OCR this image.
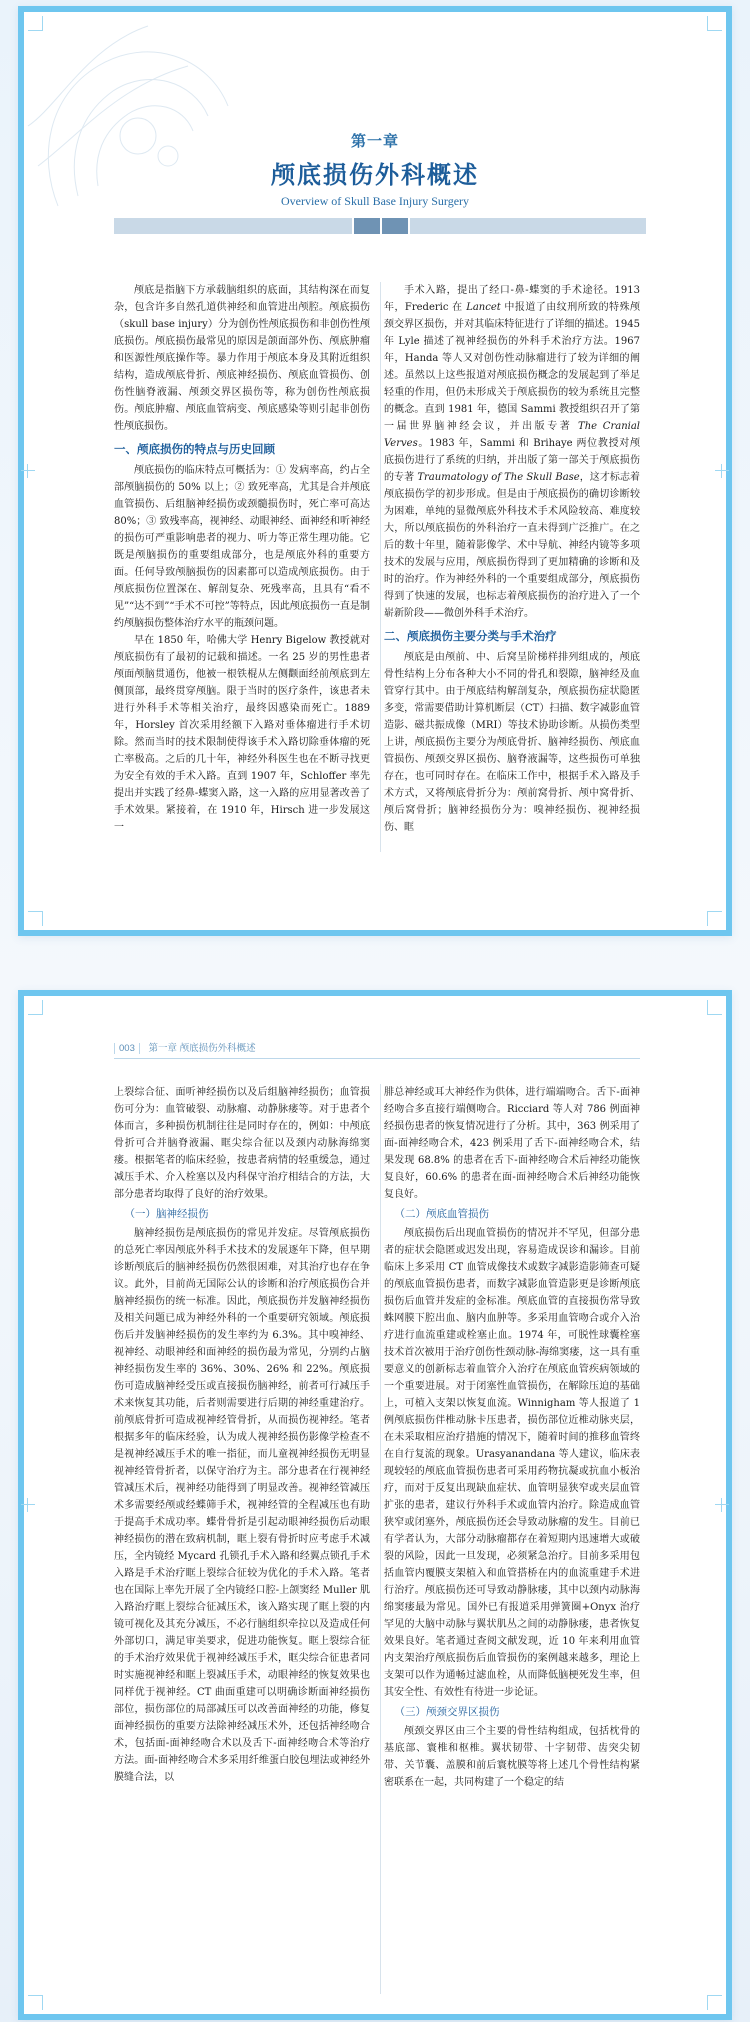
第一章
颅底损伤外科概述
Overview of Skull Base Injury Surgery

颅底是指脑下方承载脑组织的底面，其结构深在而复杂，包含许多自然孔道供神经和血管进出颅腔。颅底损伤（skull base injury）分为创伤性颅底损伤和非创伤性颅底损伤。颅底损伤最常见的原因是颌面部外伤、颅底肿瘤和医源性颅底操作等。暴力作用于颅底本身及其附近组织结构，造成颅底骨折、颅底神经损伤、颅底血管损伤、创伤性脑脊液漏、颅颈交界区损伤等，称为创伤性颅底损伤。颅底肿瘤、颅底血管病变、颅底感染等则引起非创伤性颅底损伤。

一、颅底损伤的特点与历史回顾

颅底损伤的临床特点可概括为：① 发病率高，约占全部颅脑损伤的 50% 以上；② 致死率高，尤其是合并颅底血管损伤、后组脑神经损伤或颈髓损伤时，死亡率可高达 80%；③ 致残率高，视神经、动眼神经、面神经和听神经的损伤可严重影响患者的视力、听力等正常生理功能。它既是颅脑损伤的重要组成部分，也是颅底外科的重要方面。任何导致颅脑损伤的因素都可以造成颅底损伤。由于颅底损伤位置深在、解剖复杂、死残率高，且具有“看不见”“达不到”“手术不可控”等特点，因此颅底损伤一直是制约颅脑损伤整体治疗水平的瓶颈问题。

早在 1850 年，哈佛大学 Henry Bigelow 教授就对颅底损伤有了最初的记载和描述。一名 25 岁的男性患者颅面颅脑贯通伤，他被一根铁棍从左侧颧面经前颅底到左侧顶部，最终贯穿颅脑。限于当时的医疗条件，该患者未进行外科手术等相关治疗，最终因感染而死亡。1889 年，Horsley 首次采用经额下入路对垂体瘤进行手术切除。然而当时的技术限制使得该手术入路切除垂体瘤的死亡率极高。之后的几十年，神经外科医生也在不断寻找更为安全有效的手术入路。直到 1907 年，Schloffer 率先提出并实践了经鼻-蝶窦入路，这一入路的应用显著改善了手术效果。紧接着，在 1910 年，Hirsch 进一步发展这一

手术入路，提出了经口-鼻-蝶窦的手术途径。1913 年，Frederic 在 Lancet 中报道了由纹刑所致的特殊颅颈交界区损伤，并对其临床特征进行了详细的描述。1945 年 Lyle 描述了视神经损伤的外科手术治疗方法。1967 年，Handa 等人又对创伤性动脉瘤进行了较为详细的阐述。虽然以上这些报道对颅底损伤概念的发展起到了举足轻重的作用，但仍未形成关于颅底损伤的较为系统且完整的概念。直到 1981 年，德国 Sammi 教授组织召开了第一届世界脑神经会议，并出版专著 The Cranial Verves。1983 年，Sammi 和 Brihaye 两位教授对颅底损伤进行了系统的归纳，并出版了第一部关于颅底损伤的专著 Traumatology of The Skull Base，这才标志着颅底损伤学的初步形成。但是由于颅底损伤的确切诊断较为困难，单纯的显微颅底外科技术手术风险较高、难度较大，所以颅底损伤的外科治疗一直未得到广泛推广。在之后的数十年里，随着影像学、术中导航、神经内镜等多项技术的发展与应用，颅底损伤得到了更加精确的诊断和及时的治疗。作为神经外科的一个重要组成部分，颅底损伤得到了快速的发展，也标志着颅底损伤的治疗进入了一个崭新阶段——微创外科手术治疗。

二、颅底损伤主要分类与手术治疗

颅底是由颅前、中、后窝呈阶梯样排列组成的，颅底骨性结构上分布各种大小不同的骨孔和裂隙，脑神经及血管穿行其中。由于颅底结构解剖复杂，颅底损伤症状隐匿多变，常需要借助计算机断层（CT）扫描、数字减影血管造影、磁共振成像（MRI）等技术协助诊断。从损伤类型上讲，颅底损伤主要分为颅底骨折、脑神经损伤、颅底血管损伤、颅颈交界区损伤、脑脊液漏等，这些损伤可单独存在，也可同时存在。在临床工作中，根据手术入路及手术方式，又将颅底骨折分为：颅前窝骨折、颅中窝骨折、颅后窝骨折；脑神经损伤分为：嗅神经损伤、视神经损伤、眶

003 第一章 颅底损伤外科概述

上裂综合征、面听神经损伤以及后组脑神经损伤；血管损伤可分为：血管破裂、动脉瘤、动静脉瘘等。对于患者个体而言，多种损伤机制往往是同时存在的，例如：中颅底骨折可合并脑脊液漏、眶尖综合征以及颈内动脉海绵窦瘘。根据笔者的临床经验，按患者病情的轻重缓急，通过减压手术、介入栓塞以及内科保守治疗相结合的方法，大部分患者均取得了良好的治疗效果。

（一）脑神经损伤

脑神经损伤是颅底损伤的常见并发症。尽管颅底损伤的总死亡率因颅底外科手术技术的发展逐年下降，但早期诊断颅底后的脑神经损伤仍然很困难，对其治疗也存在争议。此外，目前尚无国际公认的诊断和治疗颅底损伤合并脑神经损伤的统一标准。因此，颅底损伤并发脑神经损伤及相关问题已成为神经外科的一个重要研究领域。颅底损伤后并发脑神经损伤的发生率约为 6.3%。其中嗅神经、视神经、动眼神经和面神经的损伤最为常见，分别约占脑神经损伤发生率的 36%、30%、26% 和 22%。颅底损伤可造成脑神经受压或直接损伤脑神经，前者可行减压手术来恢复其功能，后者则需要进行后期的神经重建治疗。前颅底骨折可造成视神经管骨折，从而损伤视神经。笔者根据多年的临床经验，认为成人视神经损伤影像学检查不是视神经减压手术的唯一指征，而儿童视神经损伤无明显视神经管骨折者，以保守治疗为主。部分患者在行视神经管减压术后，视神经功能得到了明显改善。视神经管减压术多需要经颅或经蝶筛手术，视神经管的全程减压也有助于提高手术成功率。蝶骨骨折是引起动眼神经损伤后动眼神经损伤的潜在致病机制，眶上裂有骨折时应考虑手术减压，全内镜经 Mycard 孔锁孔手术入路和经翼点锁孔手术入路是手术治疗眶上裂综合征较为优化的手术入路。笔者也在国际上率先开展了全内镜经口腔-上颌窦经 Muller 肌入路治疗眶上裂综合征减压术，该入路实现了眶上裂的内镜可视化及其充分减压，不必行脑组织牵拉以及造成任何外部切口，满足审美要求，促进功能恢复。眶上裂综合征的手术治疗效果优于视神经减压手术，眶尖综合征患者同时实施视神经和眶上裂减压手术，动眼神经的恢复效果也同样优于视神经。CT 曲面重建可以明确诊断面神经损伤部位，损伤部位的局部减压可以改善面神经的功能，修复面神经损伤的重要方法除神经减压术外，还包括神经吻合术，包括面-面神经吻合术以及舌下-面神经吻合术等治疗方法。面-面神经吻合术多采用纤维蛋白胶包埋法或神经外膜缝合法，以

腓总神经或耳大神经作为供体，进行端端吻合。舌下-面神经吻合多直接行端侧吻合。Ricciard 等人对 786 例面神经损伤患者的恢复情况进行了分析。其中，363 例采用了面-面神经吻合术，423 例采用了舌下-面神经吻合术，结果发现 68.8% 的患者在舌下-面神经吻合术后神经功能恢复良好，60.6% 的患者在面-面神经吻合术后神经功能恢复良好。

（二）颅底血管损伤

颅底损伤后出现血管损伤的情况并不罕见，但部分患者的症状会隐匿或迟发出现，容易造成误诊和漏诊。目前临床上多采用 CT 血管成像技术或数字减影造影筛查可疑的颅底血管损伤患者，而数字减影血管造影更是诊断颅底损伤后血管并发症的金标准。颅底血管的直接损伤常导致蛛网膜下腔出血、脑内血肿等。多采用血管吻合或介入治疗进行血流重建或栓塞止血。1974 年，可脱性球囊栓塞技术首次被用于治疗创伤性颈动脉-海绵窦瘘，这一具有重要意义的创新标志着血管介入治疗在颅底血管疾病领域的一个重要进展。对于闭塞性血管损伤，在解除压迫的基础上，可植入支架以恢复血流。Winnigham 等人报道了 1 例颅底损伤伴椎动脉卡压患者，损伤部位近椎动脉夹层，在未采取相应治疗措施的情况下，随着时间的推移血管终在自行复流的现象。Urasyanandana 等人建议，临床表现较轻的颅底血管损伤患者可采用药物抗凝或抗血小板治疗，而对于反复出现缺血症状、血管明显狭窄或夹层血管扩张的患者，建议行外科手术或血管内治疗。除造成血管狭窄或闭塞外，颅底损伤还会导致动脉瘤的发生。目前已有学者认为，大部分动脉瘤都存在着短期内迅速增大或破裂的风险，因此一旦发现，必须紧急治疗。目前多采用包括血管内覆膜支架植入和血管搭桥在内的血流重建手术进行治疗。颅底损伤还可导致动静脉瘘，其中以颈内动脉海绵窦瘘最为常见。国外已有报道采用弹簧圈+Onyx 治疗罕见的大脑中动脉与翼状肌丛之间的动静脉瘘，患者恢复效果良好。笔者通过查阅文献发现，近 10 年来利用血管内支架治疗颅底损伤后血管损伤的案例越来越多，理论上支架可以作为通畅过滤血栓，从而降低脑梗死发生率，但其安全性、有效性有待进一步论证。

（三）颅颈交界区损伤

颅颈交界区由三个主要的骨性结构组成，包括枕骨的基底部、寰椎和枢椎。翼状韧带、十字韧带、齿突尖韧带、关节囊、盖膜和前后寰枕膜等将上述几个骨性结构紧密联系在一起，共同构建了一个稳定的结
